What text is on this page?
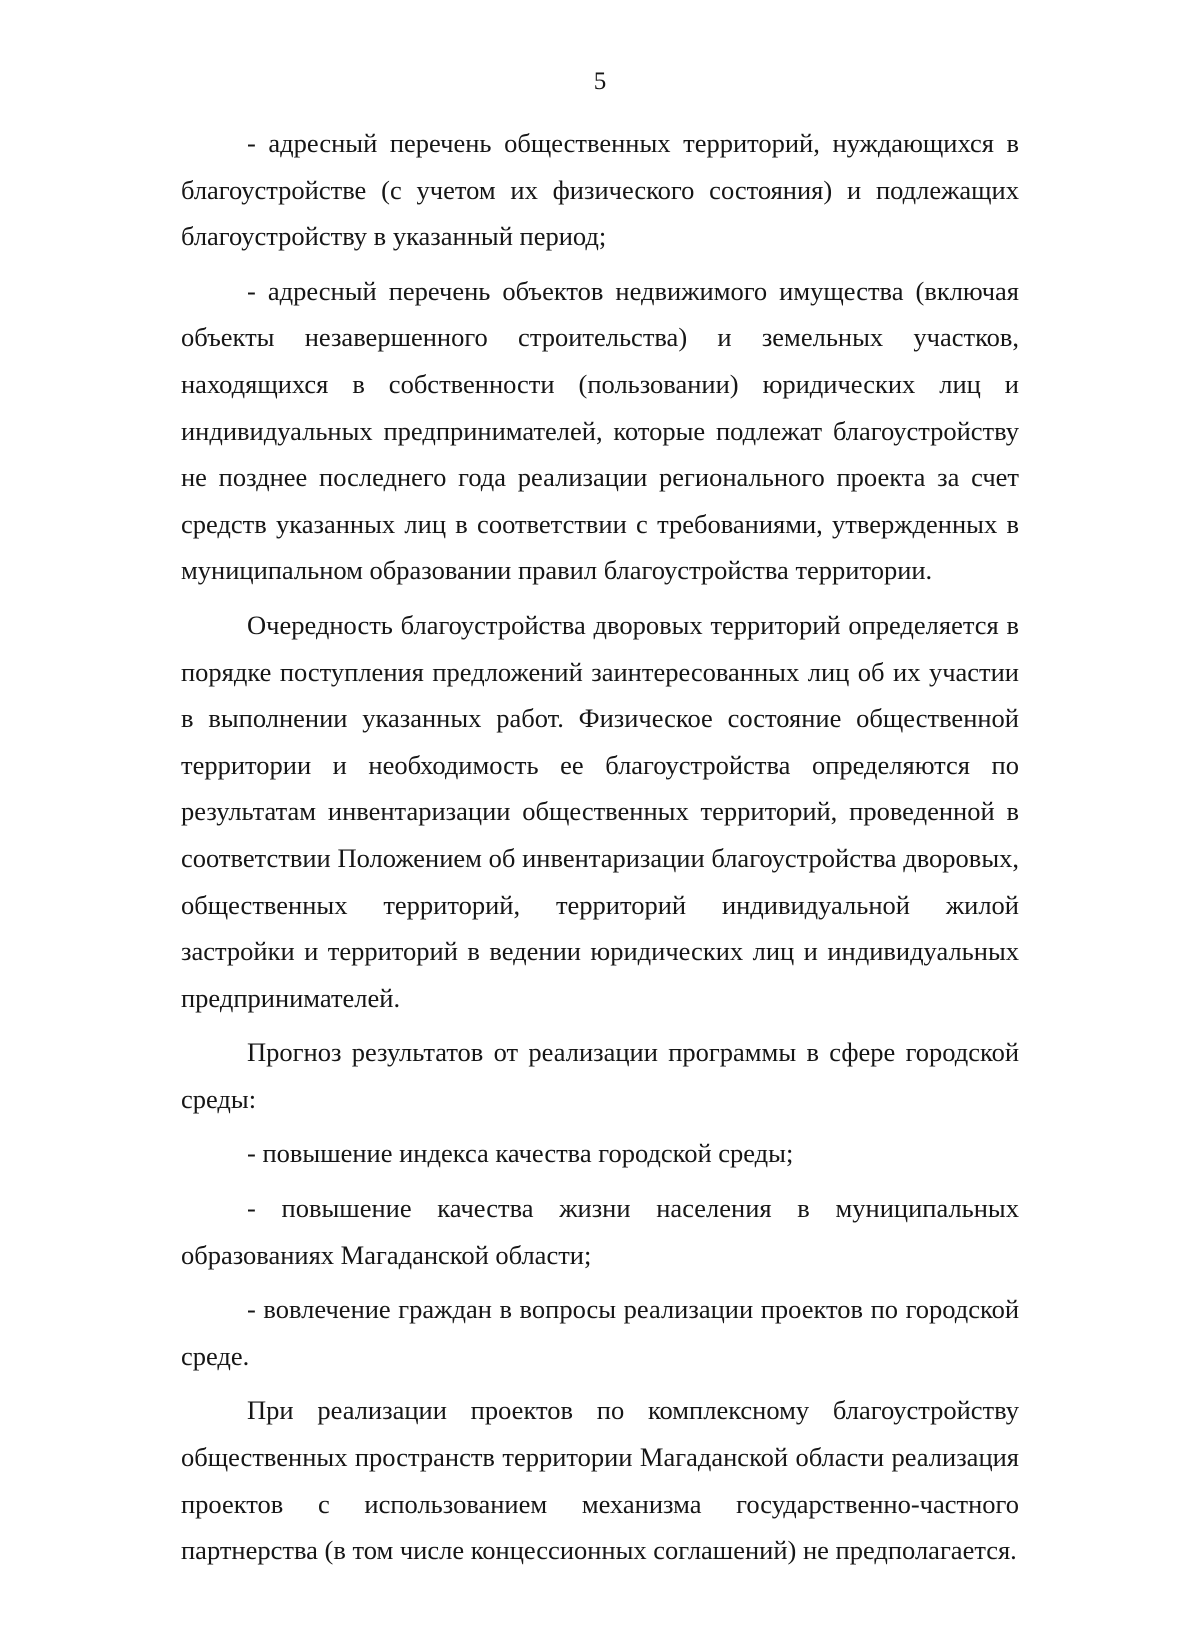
5

- адресный перечень общественных территорий, нуждающихся в благоустройстве (с учетом их физического состояния) и подлежащих благоустройству в указанный период;

- адресный перечень объектов недвижимого имущества (включая объекты незавершенного строительства) и земельных участков, находящихся в собственности (пользовании) юридических лиц и индивидуальных предпринимателей, которые подлежат благоустройству не позднее последнего года реализации регионального проекта за счет средств указанных лиц в соответствии с требованиями, утвержденных в муниципальном образовании правил благоустройства территории.

Очередность благоустройства дворовых территорий определяется в порядке поступления предложений заинтересованных лиц об их участии в выполнении указанных работ. Физическое состояние общественной территории и необходимость ее благоустройства определяются по результатам инвентаризации общественных территорий, проведенной в соответствии Положением об инвентаризации благоустройства дворовых, общественных территорий, территорий индивидуальной жилой застройки и территорий в ведении юридических лиц и индивидуальных предпринимателей.

Прогноз результатов от реализации программы в сфере городской среды:

- повышение индекса качества городской среды;

- повышение качества жизни населения в муниципальных образованиях Магаданской области;

- вовлечение граждан в вопросы реализации проектов по городской среде.

При реализации проектов по комплексному благоустройству общественных пространств территории Магаданской области реализация проектов с использованием механизма государственно-частного партнерства (в том числе концессионных соглашений) не предполагается.
